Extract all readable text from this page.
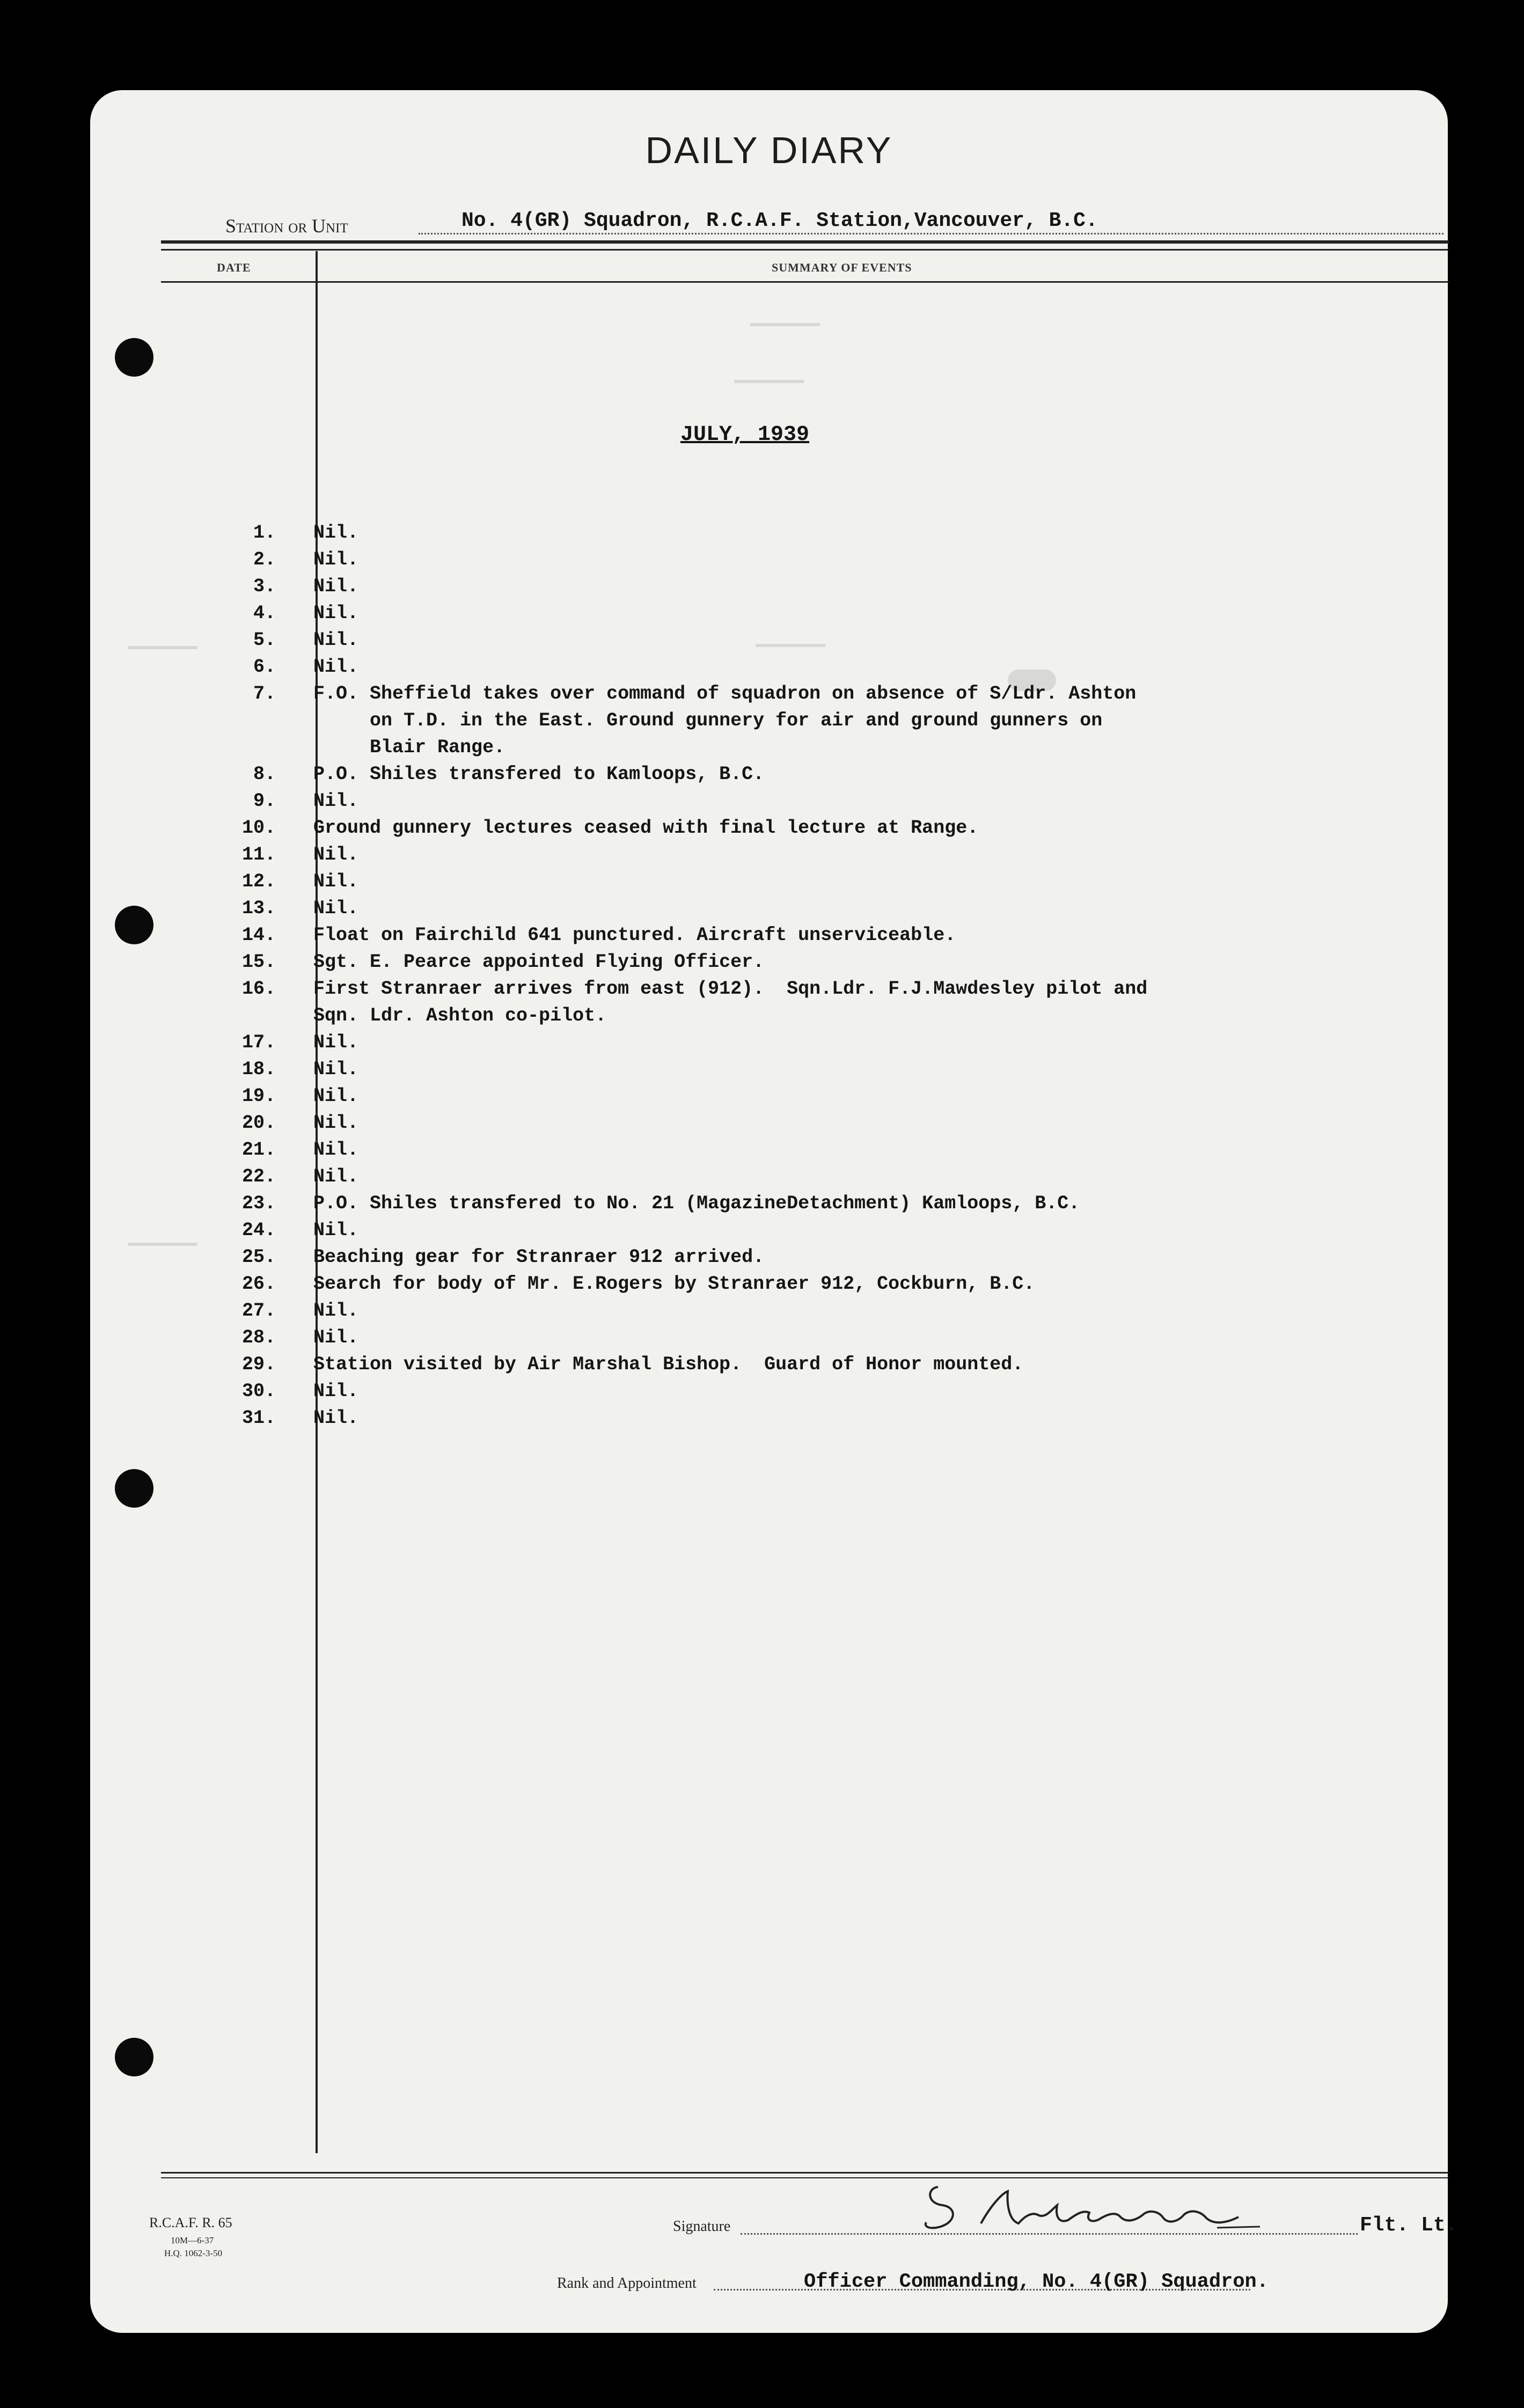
DAILY DIARY
Station or Unit	No. 4(GR) Squadron, R.C.A.F. Station,Vancouver, B.C.
DATE	SUMMARY OF EVENTS
JULY, 1939
1.	Nil.
2.	Nil.
3.	Nil.
4.	Nil.
5.	Nil.
6.	Nil.
7.	F.O. Sheffield takes over command of squadron on absence of S/Ldr. Ashton
on T.D. in the East. Ground gunnery for air and ground gunners on
Blair Range.
8.	P.O. Shiles transfered to Kamloops, B.C.
9.	Nil.
10.	Ground gunnery lectures ceased with final lecture at Range.
11.	Nil.
12.	Nil.
13.	Nil.
14.	Float on Fairchild 641 punctured. Aircraft unserviceable.
15.	Sgt. E. Pearce appointed Flying Officer.
16.	First Stranraer arrives from east (912).  Sqn.Ldr. F.J.Mawdesley pilot and
Sqn. Ldr. Ashton co-pilot.
17.	Nil.
18.	Nil.
19.	Nil.
20.	Nil.
21.	Nil.
22.	Nil.
23.	P.O. Shiles transfered to No. 21 (MagazineDetachment) Kamloops, B.C.
24.	Nil.
25.	Beaching gear for Stranraer 912 arrived.
26.	Search for body of Mr. E.Rogers by Stranraer 912, Cockburn, B.C.
27.	Nil.
28.	Nil.
29.	Station visited by Air Marshal Bishop.  Guard of Honor mounted.
30.	Nil.
31.	Nil.
R.C.A.F. R. 65
10M—6-37
H.Q. 1062-3-50
Signature	Flt. Lt.
Rank and Appointment	Officer Commanding, No. 4(GR) Squadron.
